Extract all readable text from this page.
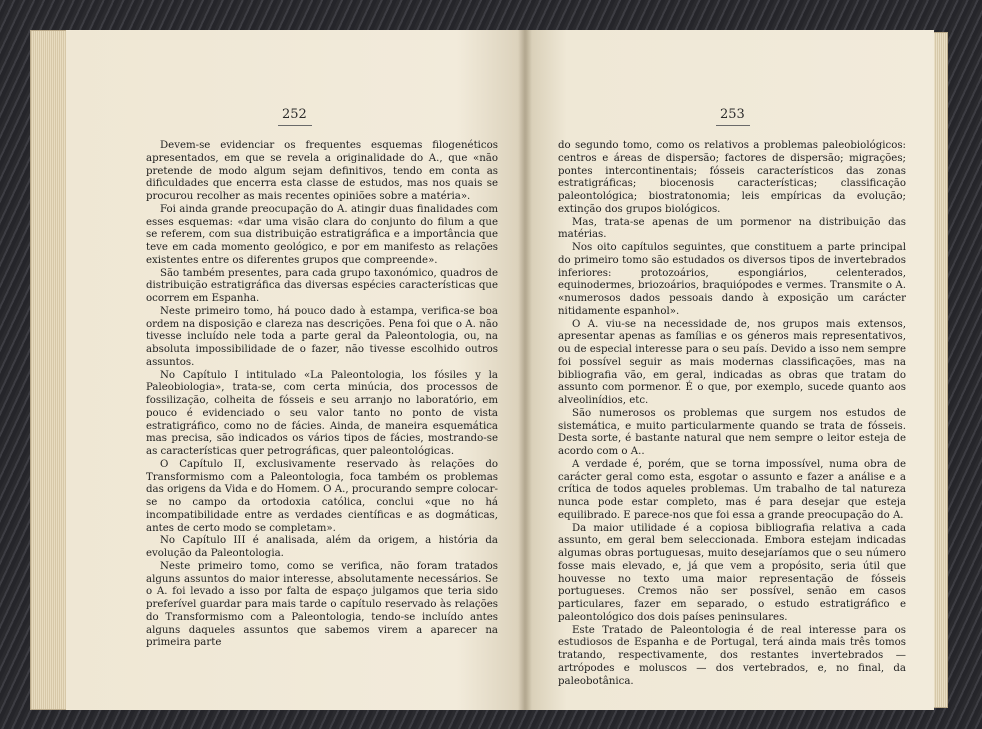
252

Devem-se evidenciar os frequentes esquemas filogenéticos apresentados, em que se revela a originalidade do A., que «não pretende de modo algum sejam definitivos, tendo em conta as dificuldades que encerra esta classe de estudos, mas nos quais se procurou recolher as mais recentes opiniões sobre a matéria».

Foi ainda grande preocupação do A. atingir duas finalidades com esses esquemas: «dar uma visão clara do conjunto do filum a que se referem, com sua distribuição estratigráfica e a importância que teve em cada momento geológico, e por em manifesto as relações existentes entre os diferentes grupos que compreende».

São também presentes, para cada grupo taxonómico, quadros de distribuição estratigráfica das diversas espécies características que ocorrem em Espanha.

Neste primeiro tomo, há pouco dado à estampa, verifica-se boa ordem na disposição e clareza nas descrições. Pena foi que o A. não tivesse incluído nele toda a parte geral da Paleontologia, ou, na absoluta impossibilidade de o fazer, não tivesse escolhido outros assuntos.

No Capítulo I intitulado «La Paleontologia, los fósiles y la Paleobiologia», trata-se, com certa minúcia, dos processos de fossilização, colheita de fósseis e seu arranjo no laboratório, em pouco é evidenciado o seu valor tanto no ponto de vista estratigráfico, como no de fácies. Ainda, de maneira esquemática mas precisa, são indicados os vários tipos de fácies, mostrando-se as características quer petrográficas, quer paleontológicas.

O Capítulo II, exclusivamente reservado às relações do Transformismo com a Paleontologia, foca também os problemas das origens da Vida e do Homem. O A., procurando sempre colocar-se no campo da ortodoxia católica, conclui «que no há incompatibilidade entre as verdades científicas e as dogmáticas, antes de certo modo se completam».

No Capítulo III é analisada, além da origem, a história da evolução da Paleontologia.

Neste primeiro tomo, como se verifica, não foram tratados alguns assuntos do maior interesse, absolutamente necessários. Se o A. foi levado a isso por falta de espaço julgamos que teria sido preferível guardar para mais tarde o capítulo reservado às relações do Transformismo com a Paleontologia, tendo-se incluído antes alguns daqueles assuntos que sabemos virem a aparecer na primeira parte

253

do segundo tomo, como os relativos a problemas paleobiológicos: centros e áreas de dispersão; factores de dispersão; migrações; pontes intercontinentais; fósseis característicos das zonas estratigráficas; biocenosis características; classificação paleontológica; biostratonomia; leis empíricas da evolução; extinção dos grupos biológicos.

Mas, trata-se apenas de um pormenor na distribuição das matérias.

Nos oito capítulos seguintes, que constituem a parte principal do primeiro tomo são estudados os diversos tipos de invertebrados inferiores: protozoários, espongiários, celenterados, equinodermes, briozoários, braquiópodes e vermes. Transmite o A. «numerosos dados pessoais dando à exposição um carácter nitidamente espanhol».

O A. viu-se na necessidade de, nos grupos mais extensos, apresentar apenas as famílias e os géneros mais representativos, ou de especial interesse para o seu país. Devido a isso nem sempre foi possível seguir as mais modernas classificações, mas na bibliografia vão, em geral, indicadas as obras que tratam do assunto com pormenor. É o que, por exemplo, sucede quanto aos alveolinídios, etc.

São numerosos os problemas que surgem nos estudos de sistemática, e muito particularmente quando se trata de fósseis. Desta sorte, é bastante natural que nem sempre o leitor esteja de acordo com o A..

A verdade é, porém, que se torna impossível, numa obra de carácter geral como esta, esgotar o assunto e fazer a análise e a crítica de todos aqueles problemas. Um trabalho de tal natureza nunca pode estar completo, mas é para desejar que esteja equilibrado. E parece-nos que foi essa a grande preocupação do A.

Da maior utilidade é a copiosa bibliografia relativa a cada assunto, em geral bem seleccionada. Embora estejam indicadas algumas obras portuguesas, muito desejaríamos que o seu número fosse mais elevado, e, já que vem a propósito, seria útil que houvesse no texto uma maior representação de fósseis portugueses. Cremos não ser possível, senão em casos particulares, fazer em separado, o estudo estratigráfico e paleontológico dos dois países peninsulares.

Este Tratado de Paleontologia é de real interesse para os estudiosos de Espanha e de Portugal, terá ainda mais três tomos tratando, respectivamente, dos restantes invertebrados — artrópodes e moluscos — dos vertebrados, e, no final, da paleobotânica.
